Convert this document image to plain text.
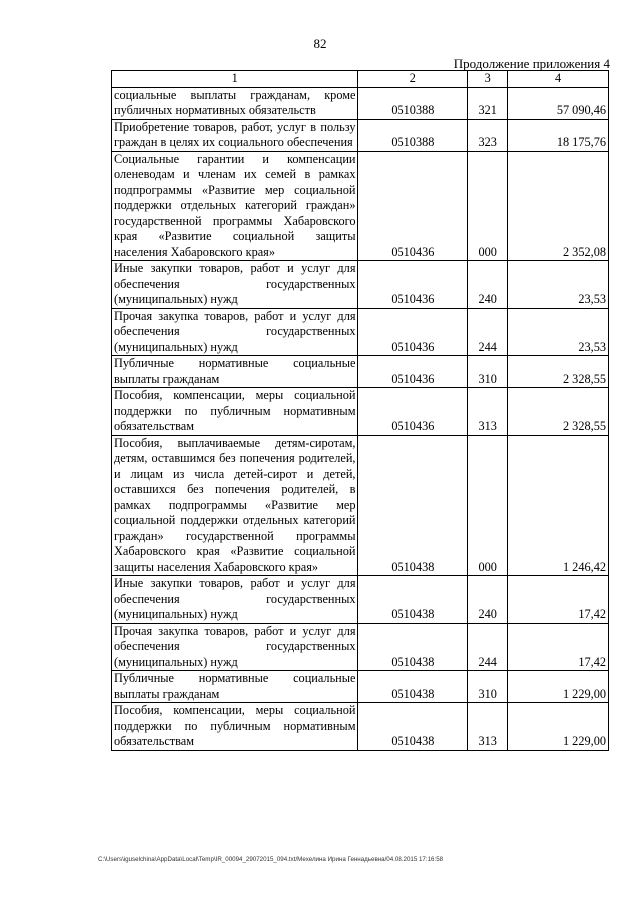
82
Продолжение приложения 4
1	2	3	4
социальные выплаты гражданам, кроме публичных нормативных обязательств	0510388	321	57 090,46
Приобретение товаров, работ, услуг в пользу граждан в целях их социального обеспечения	0510388	323	18 175,76
Социальные гарантии и компенсации оленеводам и членам их семей в рамках подпрограммы «Развитие мер социальной поддержки отдельных категорий граждан» государственной программы Хабаровского края «Развитие социальной защиты населения Хабаровского края»	0510436	000	2 352,08
Иные закупки товаров, работ и услуг для обеспечения государственных (муниципальных) нужд	0510436	240	23,53
Прочая закупка товаров, работ и услуг для обеспечения государственных (муниципальных) нужд	0510436	244	23,53
Публичные нормативные социальные выплаты гражданам	0510436	310	2 328,55
Пособия, компенсации, меры социальной поддержки по публичным нормативным обязательствам	0510436	313	2 328,55
Пособия, выплачиваемые детям-сиротам, детям, оставшимся без попечения родителей, и лицам из числа детей-сирот и детей, оставшихся без попечения родителей, в рамках подпрограммы «Развитие мер социальной поддержки отдельных категорий граждан» государственной программы Хабаровского края «Развитие социальной защиты населения Хабаровского края»	0510438	000	1 246,42
Иные закупки товаров, работ и услуг для обеспечения государственных (муниципальных) нужд	0510438	240	17,42
Прочая закупка товаров, работ и услуг для обеспечения государственных (муниципальных) нужд	0510438	244	17,42
Публичные нормативные социальные выплаты гражданам	0510438	310	1 229,00
Пособия, компенсации, меры социальной поддержки по публичным нормативным обязательствам	0510438	313	1 229,00
C:\Users\iguselchina\AppData\Local\Temp\IR_00094_29072015_094.txt/Мехелина Ирина Геннадьевна/04.08.2015 17:16:58
